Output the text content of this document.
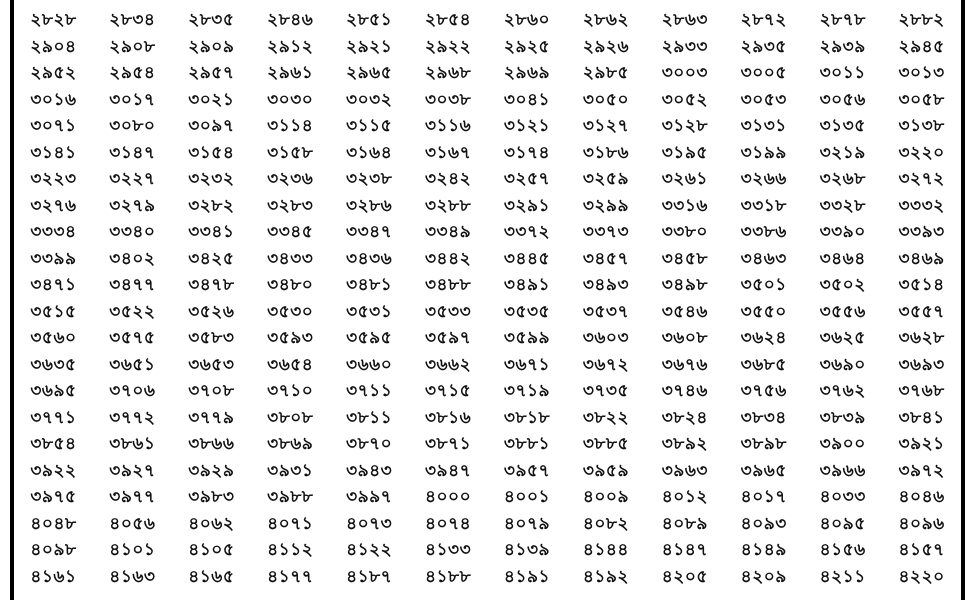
২৮২৮	২৮৩৪	২৮৩৫	২৮৪৬	২৮৫১	২৮৫৪	২৮৬০	২৮৬২	২৮৬৩	২৮৭২	২৮৭৮	২৮৮২
২৯০৪	২৯০৮	২৯০৯	২৯১২	২৯২১	২৯২২	২৯২৫	২৯২৬	২৯৩৩	২৯৩৫	২৯৩৯	২৯৪৫
২৯৫২	২৯৫৪	২৯৫৭	২৯৬১	২৯৬৫	২৯৬৮	২৯৬৯	২৯৮৫	৩০০৩	৩০০৫	৩০১১	৩০১৩
৩০১৬	৩০১৭	৩০২১	৩০৩০	৩০৩২	৩০৩৮	৩০৪১	৩০৫০	৩০৫২	৩০৫৩	৩০৫৬	৩০৫৮
৩০৭১	৩০৮০	৩০৯৭	৩১১৪	৩১১৫	৩১১৬	৩১২১	৩১২৭	৩১২৮	৩১৩১	৩১৩৫	৩১৩৮
৩১৪১	৩১৪৭	৩১৫৪	৩১৫৮	৩১৬৪	৩১৬৭	৩১৭৪	৩১৮৬	৩১৯৫	৩১৯৯	৩২১৯	৩২২০
৩২২৩	৩২২৭	৩২৩২	৩২৩৬	৩২৩৮	৩২৪২	৩২৫৭	৩২৫৯	৩২৬১	৩২৬৬	৩২৬৮	৩২৭২
৩২৭৬	৩২৭৯	৩২৮২	৩২৮৩	৩২৮৬	৩২৮৮	৩২৯১	৩২৯৯	৩৩১৬	৩৩১৮	৩৩২৮	৩৩৩২
৩৩৩৪	৩৩৪০	৩৩৪১	৩৩৪৫	৩৩৪৭	৩৩৪৯	৩৩৭২	৩৩৭৩	৩৩৮০	৩৩৮৬	৩৩৯০	৩৩৯৩
৩৩৯৯	৩৪০২	৩৪২৫	৩৪৩৩	৩৪৩৬	৩৪৪২	৩৪৪৫	৩৪৫৭	৩৪৫৮	৩৪৬৩	৩৪৬৪	৩৪৬৯
৩৪৭১	৩৪৭৭	৩৪৭৮	৩৪৮০	৩৪৮১	৩৪৮৮	৩৪৯১	৩৪৯৩	৩৪৯৮	৩৫০১	৩৫০২	৩৫১৪
৩৫১৫	৩৫২২	৩৫২৬	৩৫৩০	৩৫৩১	৩৫৩৩	৩৫৩৫	৩৫৩৭	৩৫৪৬	৩৫৫০	৩৫৫৬	৩৫৫৭
৩৫৬০	৩৫৭৫	৩৫৮৩	৩৫৯৩	৩৫৯৫	৩৫৯৭	৩৫৯৯	৩৬০৩	৩৬০৮	৩৬২৪	৩৬২৫	৩৬২৮
৩৬৩৫	৩৬৫১	৩৬৫৩	৩৬৫৪	৩৬৬০	৩৬৬২	৩৬৭১	৩৬৭২	৩৬৭৬	৩৬৮৫	৩৬৯০	৩৬৯৩
৩৬৯৫	৩৭০৬	৩৭০৮	৩৭১০	৩৭১১	৩৭১৫	৩৭১৯	৩৭৩৫	৩৭৪৬	৩৭৫৬	৩৭৬২	৩৭৬৮
৩৭৭১	৩৭৭২	৩৭৭৯	৩৮০৮	৩৮১১	৩৮১৬	৩৮১৮	৩৮২২	৩৮২৪	৩৮৩৪	৩৮৩৯	৩৮৪১
৩৮৫৪	৩৮৬১	৩৮৬৬	৩৮৬৯	৩৮৭০	৩৮৭১	৩৮৮১	৩৮৮৫	৩৮৯২	৩৮৯৮	৩৯০০	৩৯২১
৩৯২২	৩৯২৭	৩৯২৯	৩৯৩১	৩৯৪৩	৩৯৪৭	৩৯৫৭	৩৯৫৯	৩৯৬৩	৩৯৬৫	৩৯৬৬	৩৯৭২
৩৯৭৫	৩৯৭৭	৩৯৮৩	৩৯৮৮	৩৯৯৭	৪০০০	৪০০১	৪০০৯	৪০১২	৪০১৭	৪০৩৩	৪০৪৬
৪০৪৮	৪০৫৬	৪০৬২	৪০৭১	৪০৭৩	৪০৭৪	৪০৭৯	৪০৮২	৪০৮৯	৪০৯৩	৪০৯৫	৪০৯৬
৪০৯৮	৪১০১	৪১০৫	৪১১২	৪১২২	৪১৩৩	৪১৩৯	৪১৪৪	৪১৪৭	৪১৪৯	৪১৫৬	৪১৫৭
৪১৬১	৪১৬৩	৪১৬৫	৪১৭৭	৪১৮৭	৪১৮৮	৪১৯১	৪১৯২	৪২০৫	৪২০৯	৪২১১	৪২২০
